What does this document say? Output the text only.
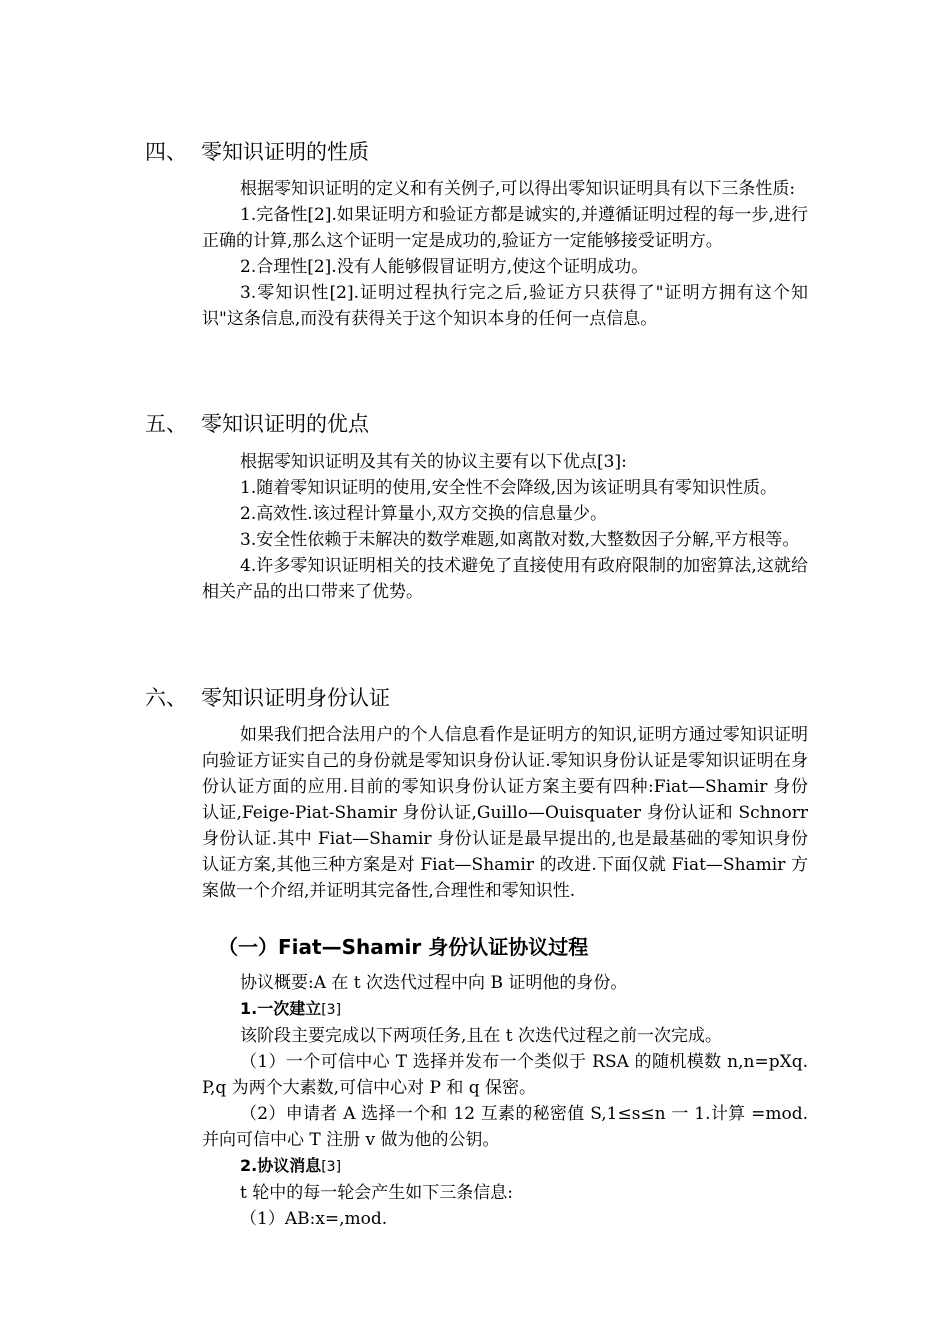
四、 零知识证明的性质

根据零知识证明的定义和有关例子,可以得出零知识证明具有以下三条性质:

1.完备性[2].如果证明方和验证方都是诚实的,并遵循证明过程的每一步,进行正确的计算,那么这个证明一定是成功的,验证方一定能够接受证明方。

2.合理性[2].没有人能够假冒证明方,使这个证明成功。

3.零知识性[2].证明过程执行完之后,验证方只获得了"证明方拥有这个知识"这条信息,而没有获得关于这个知识本身的任何一点信息。

五、 零知识证明的优点

根据零知识证明及其有关的协议主要有以下优点[3]:

1.随着零知识证明的使用,安全性不会降级,因为该证明具有零知识性质。

2.高效性.该过程计算量小,双方交换的信息量少。

3.安全性依赖于未解决的数学难题,如离散对数,大整数因子分解,平方根等。

4.许多零知识证明相关的技术避免了直接使用有政府限制的加密算法,这就给相关产品的出口带来了优势。

六、 零知识证明身份认证

如果我们把合法用户的个人信息看作是证明方的知识,证明方通过零知识证明向验证方证实自己的身份就是零知识身份认证.零知识身份认证是零知识证明在身份认证方面的应用.目前的零知识身份认证方案主要有四种:Fiat—Shamir 身份认证,Feige-Piat-Shamir 身份认证,Guillo—Ouisquater 身份认证和 Schnorr 身份认证.其中 Fiat—Shamir 身份认证是最早提出的,也是最基础的零知识身份认证方案,其他三种方案是对 Fiat—Shamir 的改进.下面仅就 Fiat—Shamir 方案做一个介绍,并证明其完备性,合理性和零知识性.

（一）Fiat—Shamir 身份认证协议过程

协议概要:A 在 t 次迭代过程中向 B 证明他的身份。

1.一次建立[3]

该阶段主要完成以下两项任务,且在 t 次迭代过程之前一次完成。

（1）一个可信中心 T 选择并发布一个类似于 RSA 的随机模数 n,n=pXq. P,q 为两个大素数,可信中心对 P 和 q 保密。

（2）申请者 A 选择一个和 12 互素的秘密值 S,1≤s≤n 一 1.计算 =mod.并向可信中心 T 注册 v 做为他的公钥。

2.协议消息[3]

t 轮中的每一轮会产生如下三条信息:

（1）AB:x=,mod.
